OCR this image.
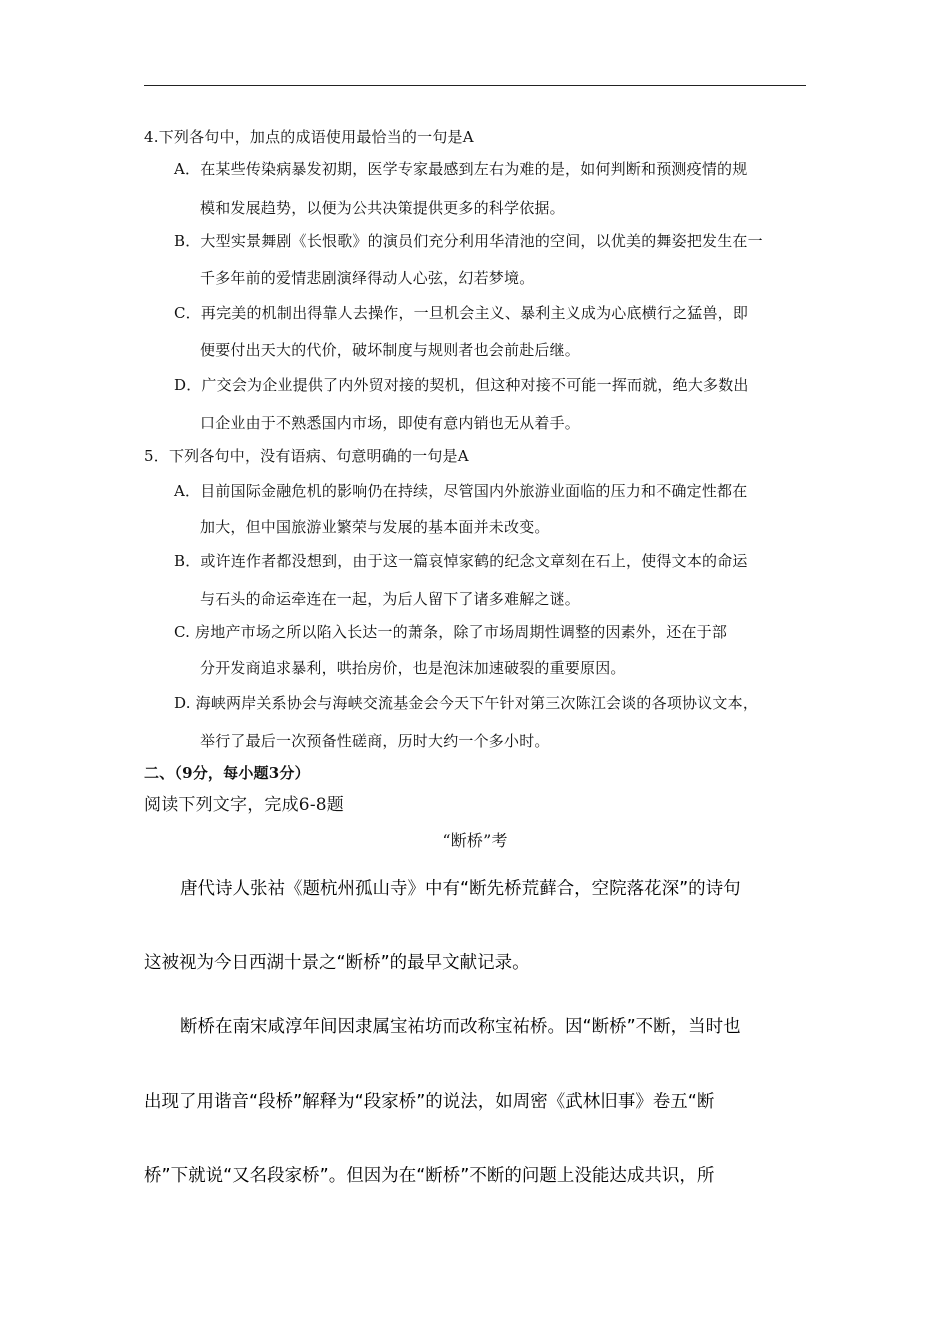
4.下列各句中，加点的成语使用最恰当的一句是A
A．在某些传染病暴发初期，医学专家最感到左右为难的是，如何判断和预测疫情的规
模和发展趋势，以便为公共决策提供更多的科学依据。
B．大型实景舞剧《长恨歌》的演员们充分利用华清池的空间，以优美的舞姿把发生在一
千多年前的爱情悲剧演绎得动人心弦，幻若梦境。
C．再完美的机制出得靠人去操作，一旦机会主义、暴利主义成为心底横行之猛兽，即
便要付出天大的代价，破坏制度与规则者也会前赴后继。
D．广交会为企业提供了内外贸对接的契机，但这种对接不可能一挥而就，绝大多数出
口企业由于不熟悉国内市场，即使有意内销也无从着手。
5．下列各句中，没有语病、句意明确的一句是A
A．目前国际金融危机的影响仍在持续，尽管国内外旅游业面临的压力和不确定性都在
加大，但中国旅游业繁荣与发展的基本面并未改变。
B．或许连作者都没想到，由于这一篇哀悼家鹤的纪念文章刻在石上，使得文本的命运
与石头的命运牵连在一起，为后人留下了诸多难解之谜。
C. 房地产市场之所以陷入长达一的萧条，除了市场周期性调整的因素外，还在于部
分开发商追求暴利，哄抬房价，也是泡沫加速破裂的重要原因。
D. 海峡两岸关系协会与海峡交流基金会今天下午针对第三次陈江会谈的各项协议文本，
举行了最后一次预备性磋商，历时大约一个多小时。
二、（9分，每小题3分）
阅读下列文字，完成6-8题
“断桥”考
唐代诗人张祜《题杭州孤山寺》中有“断先桥荒藓合，空院落花深”的诗句
这被视为今日西湖十景之“断桥”的最早文献记录。
断桥在南宋咸淳年间因隶属宝祐坊而改称宝祐桥。因“断桥”不断，当时也
出现了用谐音“段桥”解释为“段家桥”的说法，如周密《武林旧事》卷五“断
桥”下就说“又名段家桥”。但因为在“断桥”不断的问题上没能达成共识，所
